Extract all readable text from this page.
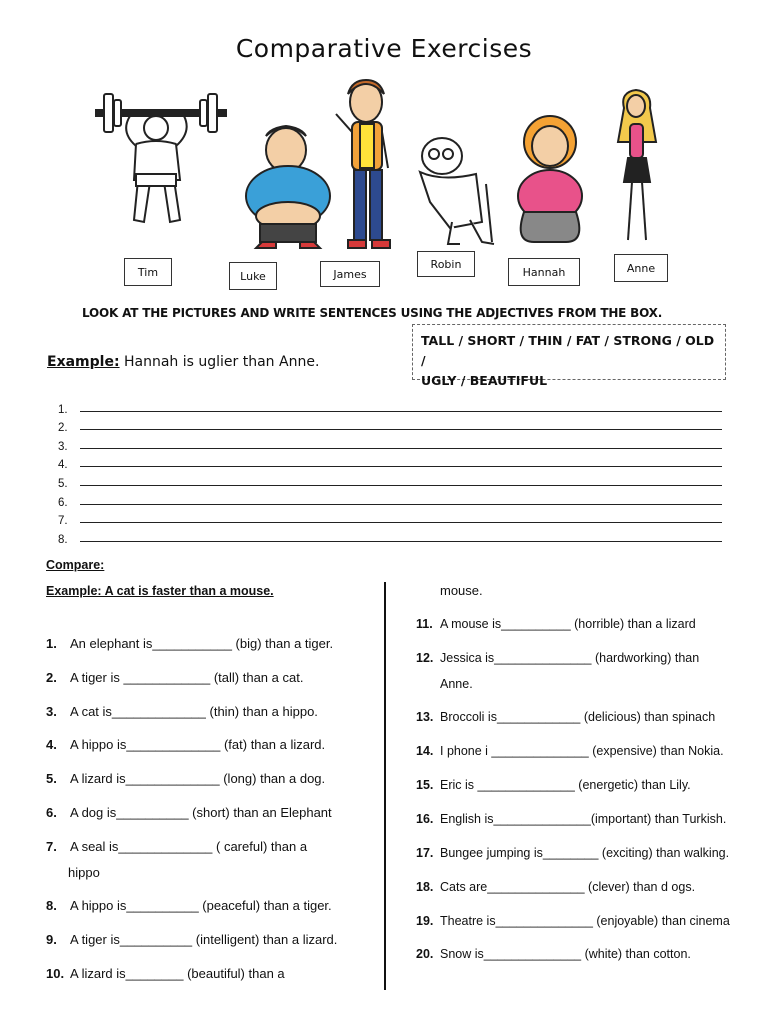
Comparative Exercises
Tim	Luke	James
Robin
Hannah	Anne
LOOK AT THE PICTURES AND WRITE SENTENCES USING THE ADJECTIVES FROM THE BOX.
TALL / SHORT / THIN / FAT / STRONG / OLD /
UGLY / BEAUTIFUL
Example: Hannah is uglier than Anne.
1.
2.
3.
4.
5.
6.
7.
8.
Compare:
Example: A cat is faster than a mouse.
1.	An elephant is___________ (big) than a tiger.
2.	A tiger is ____________ (tall) than a cat.
3.	A cat is_____________ (thin) than a hippo.
4.	A hippo is_____________ (fat) than a lizard.
5.	A lizard is_____________ (long) than a dog.
6.	A dog is__________ (short) than an Elephant
7.	A seal is_____________ ( careful) than a
hippo
8.	A hippo is__________ (peaceful) than a tiger.
9.	A tiger is__________ (intelligent) than a lizard.
10. A lizard is________ (beautiful) than a
mouse.
11. A mouse is__________ (horrible) than a lizard
12. Jessica is______________ (hardworking) than
Anne.
13. Broccoli is____________ (delicious) than spinach
14. I phone i ______________ (expensive) than Nokia.
15. Eric is ______________ (energetic) than Lily.
16. English is______________(important) than Turkish.
17. Bungee jumping is________ (exciting) than walking.
18. Cats are______________ (clever) than d ogs.
19. Theatre is______________ (enjoyable) than cinema
20. Snow is______________ (white) than cotton.
